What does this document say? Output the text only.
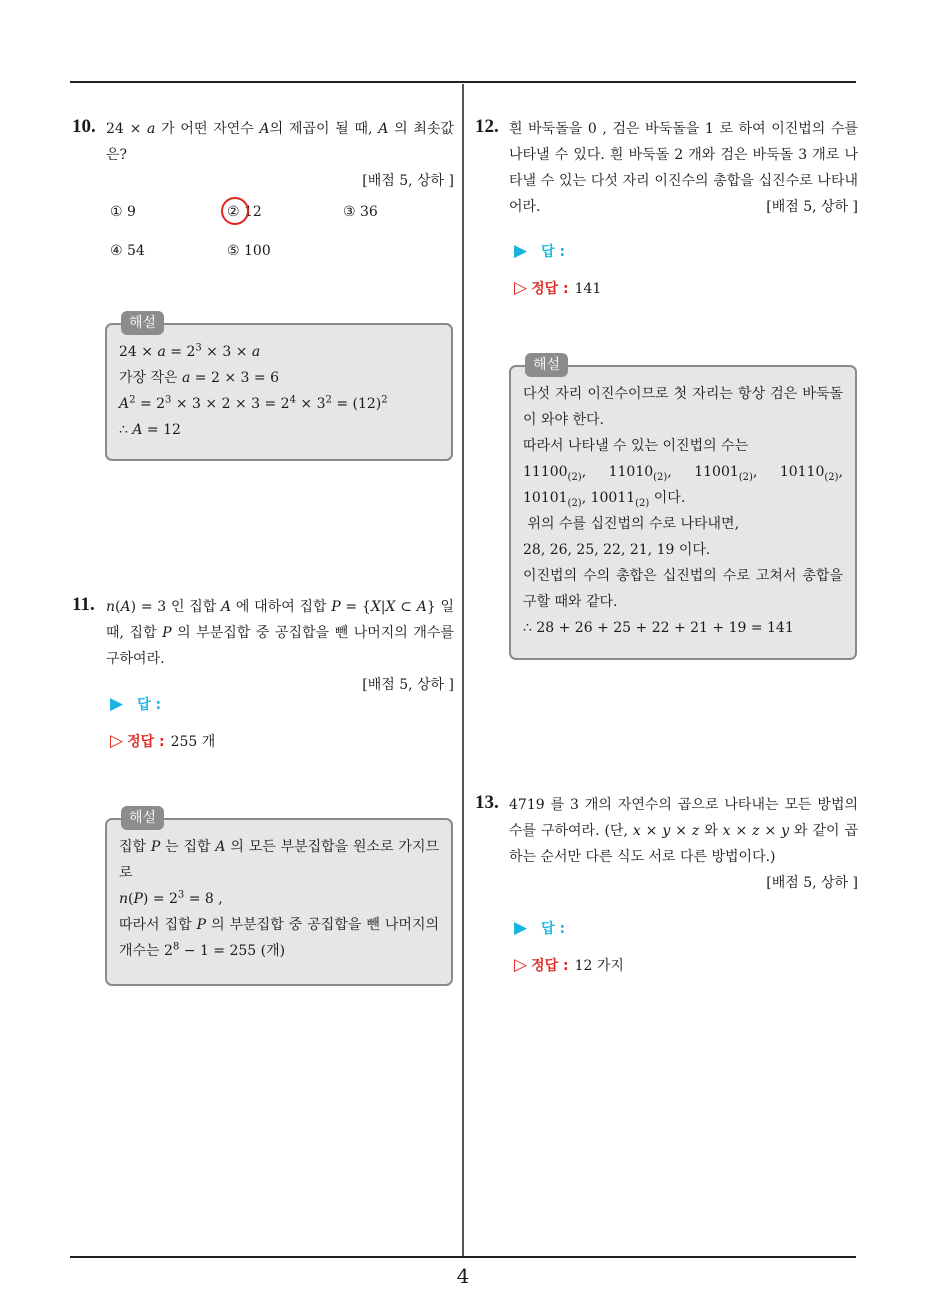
4
10. 24 × a 가 어떤 자연수 A의 제곱이 될 때, A 의 최솟값은?
[배점 5, 상하 ]
① 9	② 12	③ 36
④ 54	⑤ 100
해설
$24 \times a = 2^3 \times 3 \times a$
가장 작은 a = 2 × 3 = 6
$A^2 = 2^3 \times 3 \times 2 \times 3 = 2^4 \times 3^2 = (12)^2$
∴ A = 12
11. n(A) = 3 인 집합 A 에 대하여 집합 P = {X|X ⊂ A} 일 때, 집합 P 의 부분집합 중 공집합을 뺀 나머지의 개수를 구하여라.
[배점 5, 상하 ]
▶ 답 :
▷ 정답 : 255 개
해설
집합 P 는 집합 A 의 모든 부분집합을 원소로 가지므로
$n(P) = 2^3 = 8$ ,
따라서 집합 P 의 부분집합 중 공집합을 뺀 나머지의 개수는 $2^8 - 1 = 255$ (개)
12. 흰 바둑돌을 0 , 검은 바둑돌을 1 로 하여 이진법의 수를 나타낼 수 있다. 흰 바둑돌 2 개와 검은 바둑돌 3 개로 나타낼 수 있는 다섯 자리 이진수의 총합을 십진수로 나타내어라.	[배점 5, 상하 ]
▶ 답 :
▷ 정답 : 141
해설
다섯 자리 이진수이므로 첫 자리는 항상 검은 바둑돌이 와야 한다.
따라서 나타낼 수 있는 이진법의 수는
$11100_{(2)}$, $11010_{(2)}$, $11001_{(2)}$, $10110_{(2)}$, $10101_{(2)}$, $10011_{(2)}$ 이다.
위의 수를 십진법의 수로 나타내면,
28, 26, 25, 22, 21, 19 이다.
이진법의 수의 총합은 십진법의 수로 고쳐서 총합을 구할 때와 같다.
∴ 28 + 26 + 25 + 22 + 21 + 19 = 141
13. 4719 를 3 개의 자연수의 곱으로 나타내는 모든 방법의 수를 구하여라. (단, x × y × z 와 x × z × y 와 같이 곱하는 순서만 다른 식도 서로 다른 방법이다.)
[배점 5, 상하 ]
▶ 답 :
▷ 정답 : 12 가지
